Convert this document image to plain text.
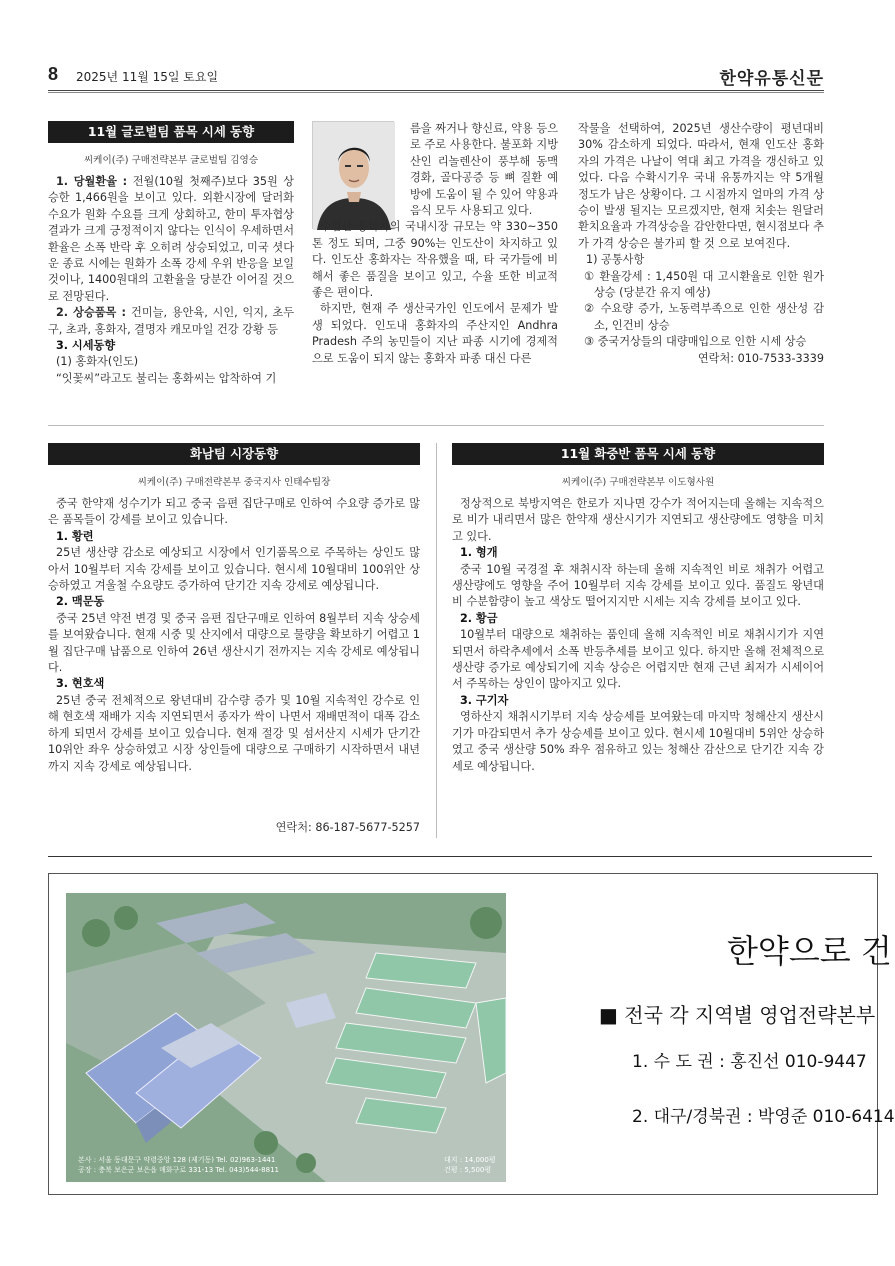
8 2025년 11월 15일 토요일	한약유통신문
11월 글로벌팀 품목 시세 동향
씨케이(주) 구매전략본부 글로벌팀 김영승

1. 당월환율 : 전월(10월 첫째주)보다 35원 상승한 1,466원을 보이고 있다. 외환시장에 달러화 수요가 원화 수요를 크게 상회하고, 한미 투자협상 결과가 크게 긍정적이지 않다는 인식이 우세하면서 환율은 소폭 반락 후 오히려 상승되었고, 미국 셧다운 종료 시에는 원화가 소폭 강세 우위 반응을 보일 것이나, 1400원대의 고환율을 당분간 이어질 것으로 전망된다.

2. 상승품목 : 건미늘, 용안육, 시인, 익지, 초두구, 초과, 홍화자, 결명자 캐모마일 건강 강황 등

3. 시세동향

(1) 홍화자(인도)

“잇꽃씨”라고도 불리는 홍화씨는 압착하여 기

름을 짜거나 향신료, 약용 등으로 주로 사용한다. 불포화 지방산인 리놀렌산이 풍부해 동맥경화, 골다공증 등 뼈 질환 예방에 도움이 될 수 있어 약용과 음식 모두 사용되고 있다.

수입산 홍화자의 국내시장 규모는 약 330~350톤 정도 되며, 그중 90%는 인도산이 차지하고 있다. 인도산 홍화자는 작유했을 때, 타 국가들에 비해서 좋은 품질을 보이고 있고, 수율 또한 비교적 좋은 편이다.

하지만, 현재 주 생산국가인 인도에서 문제가 발생 되었다. 인도내 홍화자의 주산지인 Andhra Pradesh 주의 농민들이 지난 파종 시기에 경제적으로 도움이 되지 않는 홍화자 파종 대신 다른

작물을 선택하여, 2025년 생산수량이 평년대비 30% 감소하게 되었다. 따라서, 현재 인도산 홍화자의 가격은 나날이 역대 최고 가격을 갱신하고 있었다. 다음 수확시기우 국내 유통까지는 약 5개월정도가 남은 상황이다. 그 시점까지 얼마의 가격 상승이 발생 될지는 모르겠지만, 현재 치솟는 원달러 환치요율과 가격상승을 감안한다면, 현시점보다 추가 가격 상승은 불가피 할 것 으로 보여진다.

1) 공통사항

① 환율강세 : 1,450원 대 고시환율로 인한 원가 상승 (당분간 유지 예상)

② 수요량 증가, 노동력부족으로 인한 생산성 감소, 인건비 상승

③ 중국거상들의 대량매입으로 인한 시세 상승

연락처: 010-7533-3339

화남팀 시장동향
씨케이(주) 구매전략본부 중국지사 인태수팀장

중국 한약재 성수기가 되고 중국 음편 집단구매로 인하여 수요량 증가로 많은 품목들이 강세를 보이고 있습니다.

1. 황련

25년 생산량 감소로 예상되고 시장에서 인기품목으로 주목하는 상인도 많아서 10월부터 지속 강세를 보이고 있습니다. 현시세 10월대비 100위안 상승하였고 겨울철 수요량도 증가하여 단기간 지속 강세로 예상됩니다.

2. 맥문동

중국 25년 약전 변경 및 중국 음편 집단구매로 인하여 8월부터 지속 상승세를 보여왔습니다. 현재 시중 및 산지에서 대량으로 물량을 확보하기 어렵고 1월 집단구매 납품으로 인하여 26년 생산시기 전까지는 지속 강세로 예상됩니다.

3. 현호색

25년 중국 전체적으로 왕년대비 감수량 증가 및 10월 지속적인 강수로 인해 현호색 재배가 지속 지연되면서 종자가 싹이 나면서 재배면적이 대폭 감소하게 되면서 강세를 보이고 있습니다. 현재 절강 및 섬서산지 시세가 단기간 10위안 좌우 상승하였고 시장 상인들에 대량으로 구매하기 시작하면서 내년까지 지속 강세로 예상됩니다.

연락처: 86-187-5677-5257

11월 화중반 품목 시세 동향
씨케이(주) 구매전략본부 이도형사원

정상적으로 북방지역은 한로가 지나면 강수가 적어지는데 올해는 지속적으로 비가 내리면서 많은 한약재 생산시기가 지연되고 생산량에도 영향을 미치고 있다.

1. 형개

중국 10월 국경절 후 채취시작 하는데 올해 지속적인 비로 채취가 어렵고 생산량에도 영향을 주어 10월부터 지속 강세를 보이고 있다. 품질도 왕년대비 수분함량이 높고 색상도 떨어지지만 시세는 지속 강세를 보이고 있다.

2. 황금

10월부터 대량으로 채취하는 품인데 올해 지속적인 비로 채취시기가 지연되면서 하락추세에서 소폭 반등추세를 보이고 있다. 하지만 올해 전체적으로 생산량 증가로 예상되기에 지속 상승은 어렵지만 현재 근년 최저가 시세이어서 주목하는 상인이 많아지고 있다.

3. 구기자

영하산지 채취시기부터 지속 상승세를 보여왔는데 마지막 청해산지 생산시기가 마감되면서 추가 상승세를 보이고 있다. 현시세 10월대비 5위안 상승하였고 중국 생산량 50% 좌우 점유하고 있는 청해산 감산으로 단기간 지속 강세로 예상됩니다.

본사 : 서울 동대문구 약령중앙 128 (제기동) Tel. 02)963-1441
공장 : 충북 보은군 보은읍 매화구로 331-13 Tel. 043)544-8811
대지 : 14,000평
건평 : 5,500평
한약으로 건
■ 전국 각 지역별 영업전략본부
1. 수 도 권 : 홍진선 010-9447
2. 대구/경북권 : 박영준 010-6414
